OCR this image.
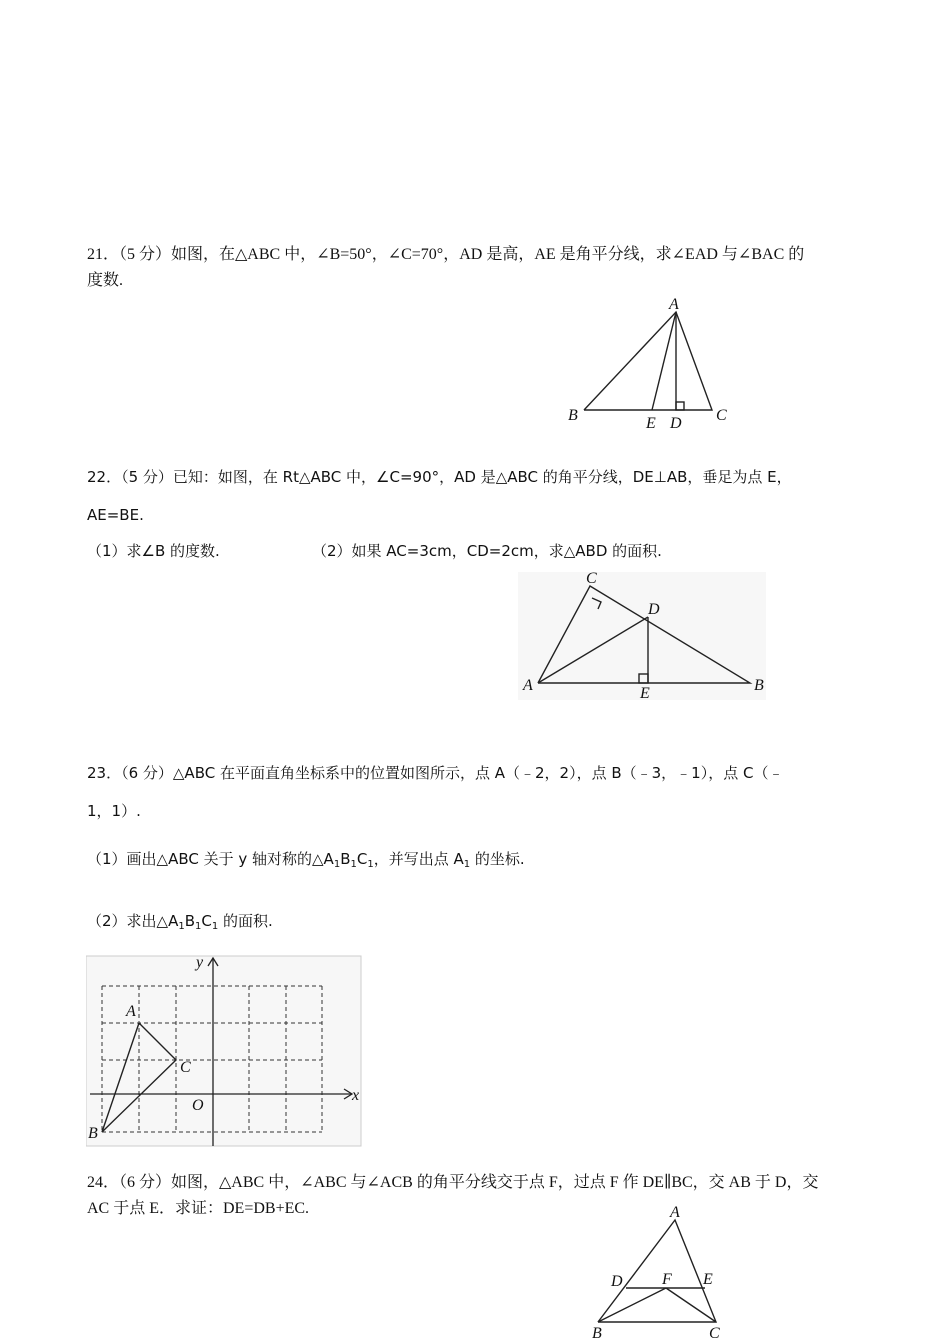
21．（5 分）如图，在△ABC 中，∠B=50°，∠C=70°，AD 是高，AE 是角平分线，求∠EAD 与∠BAC 的
度数.
A
B	C
D
E
22．（5 分）已知：如图，在 Rt△ABC 中，∠C=90°，AD 是△ABC 的角平分线，DE⊥AB，垂足为点 E，
AE=BE.
（1）求∠B 的度数.	（2）如果 AC=3cm，CD=2cm，求△ABD 的面积.
C
D
A	B
E
23．（6 分）△ABC 在平面直角坐标系中的位置如图所示，点 A（﹣2，2），点 B（﹣3，﹣1），点 C（﹣
1，1）.
（1）画出△ABC 关于 y 轴对称的$\triangle A_1B_1C_1$，并写出点 $A_1$ 的坐标.
（2）求出$\triangle A_1B_1C_1$ 的面积.
y
x
A
C
O
B
24．（6 分）如图，△ABC 中，∠ABC 与∠ACB 的角平分线交于点 F，过点 F 作 DE∥BC，交 AB 于 D，交
AC 于点 E．求证：DE=DB+EC.	A
D F E
B	C
